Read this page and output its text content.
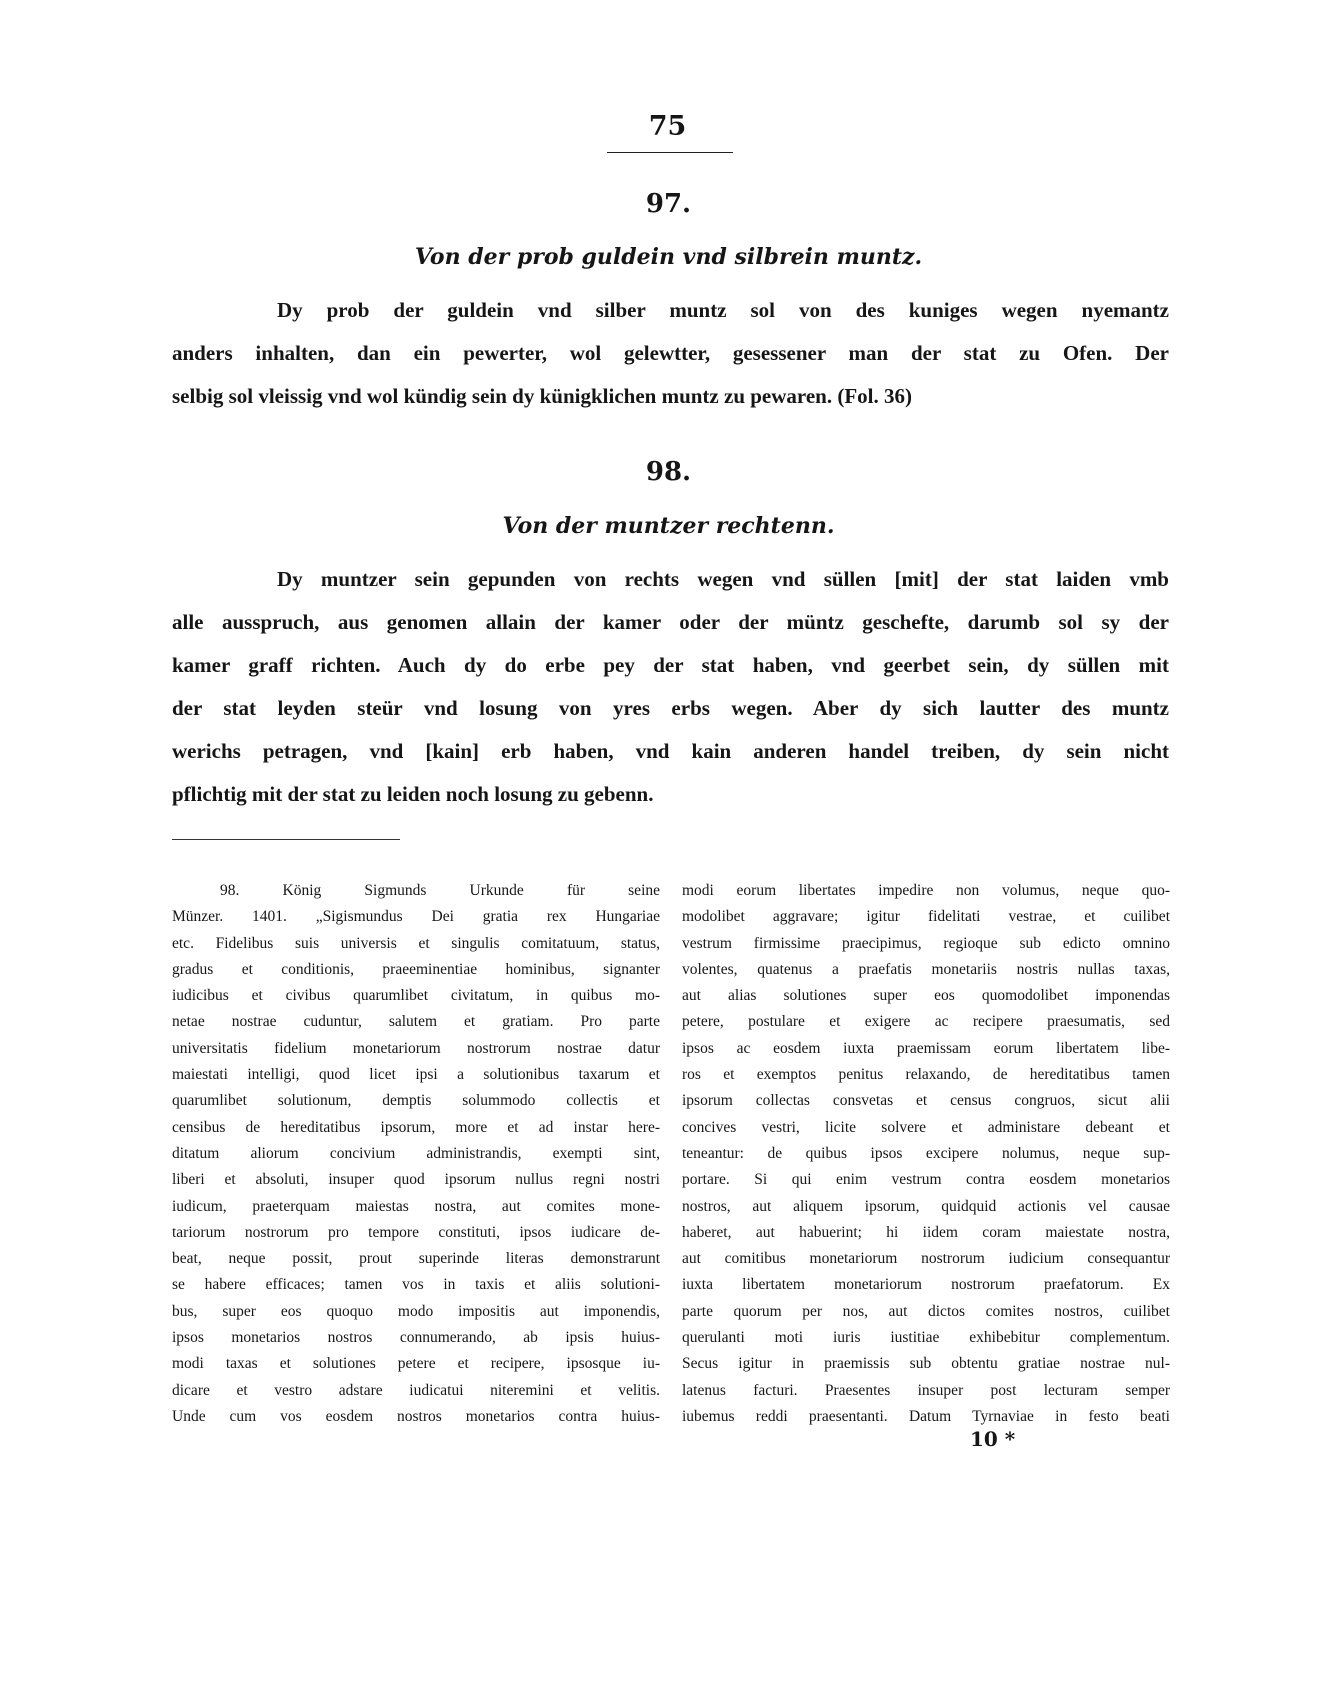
75
97.
Von der prob guldein vnd silbrein muntz.
Dy prob der guldein vnd silber muntz sol von des kuniges wegen nyemantz
anders inhalten, dan ein pewerter, wol gelewtter, gesessener man der stat zu Ofen. Der
selbig sol vleissig vnd wol kündig sein dy künigklichen muntz zu pewaren. (Fol. 36)
98.
Von der muntzer rechtenn.
Dy muntzer sein gepunden von rechts wegen vnd süllen [mit] der stat laiden vmb
alle ausspruch, aus genomen allain der kamer oder der müntz geschefte, darumb sol sy der
kamer graff richten. Auch dy do erbe pey der stat haben, vnd geerbet sein, dy süllen mit
der stat leyden steür vnd losung von yres erbs wegen. Aber dy sich lautter des muntz
werichs petragen, vnd [kain] erb haben, vnd kain anderen handel treiben, dy sein nicht
pflichtig mit der stat zu leiden noch losung zu gebenn.
98. König Sigmunds Urkunde für seine
Münzer. 1401. „Sigismundus Dei gratia rex Hungariae
etc. Fidelibus suis universis et singulis comitatuum, status,
gradus et conditionis, praeeminentiae hominibus, signanter
iudicibus et civibus quarumlibet civitatum, in quibus mo-
netae nostrae cuduntur, salutem et gratiam. Pro parte
universitatis fidelium monetariorum nostrorum nostrae datur
maiestati intelligi, quod licet ipsi a solutionibus taxarum et
quarumlibet solutionum, demptis solummodo collectis et
censibus de hereditatibus ipsorum, more et ad instar here-
ditatum aliorum concivium administrandis, exempti sint,
liberi et absoluti, insuper quod ipsorum nullus regni nostri
iudicum, praeterquam maiestas nostra, aut comites mone-
tariorum nostrorum pro tempore constituti, ipsos iudicare de-
beat, neque possit, prout superinde literas demonstrarunt
se habere efficaces; tamen vos in taxis et aliis solutioni-
bus, super eos quoquo modo impositis aut imponendis,
ipsos monetarios nostros connumerando, ab ipsis huius-
modi taxas et solutiones petere et recipere, ipsosque iu-
dicare et vestro adstare iudicatui niteremini et velitis.
Unde cum vos eosdem nostros monetarios contra huius-
modi eorum libertates impedire non volumus, neque quo-
modolibet aggravare; igitur fidelitati vestrae, et cuilibet
vestrum firmissime praecipimus, regioque sub edicto omnino
volentes, quatenus a praefatis monetariis nostris nullas taxas,
aut alias solutiones super eos quomodolibet imponendas
petere, postulare et exigere ac recipere praesumatis, sed
ipsos ac eosdem iuxta praemissam eorum libertatem libe-
ros et exemptos penitus relaxando, de hereditatibus tamen
ipsorum collectas consvetas et census congruos, sicut alii
concives vestri, licite solvere et administare debeant et
teneantur: de quibus ipsos excipere nolumus, neque sup-
portare. Si qui enim vestrum contra eosdem monetarios
nostros, aut aliquem ipsorum, quidquid actionis vel causae
haberet, aut habuerint; hi iidem coram maiestate nostra,
aut comitibus monetariorum nostrorum iudicium consequantur
iuxta libertatem monetariorum nostrorum praefatorum. Ex
parte quorum per nos, aut dictos comites nostros, cuilibet
querulanti moti iuris iustitiae exhibebitur complementum.
Secus igitur in praemissis sub obtentu gratiae nostrae nul-
latenus facturi. Praesentes insuper post lecturam semper
iubemus reddi praesentanti. Datum Tyrnaviae in festo beati
10 *
